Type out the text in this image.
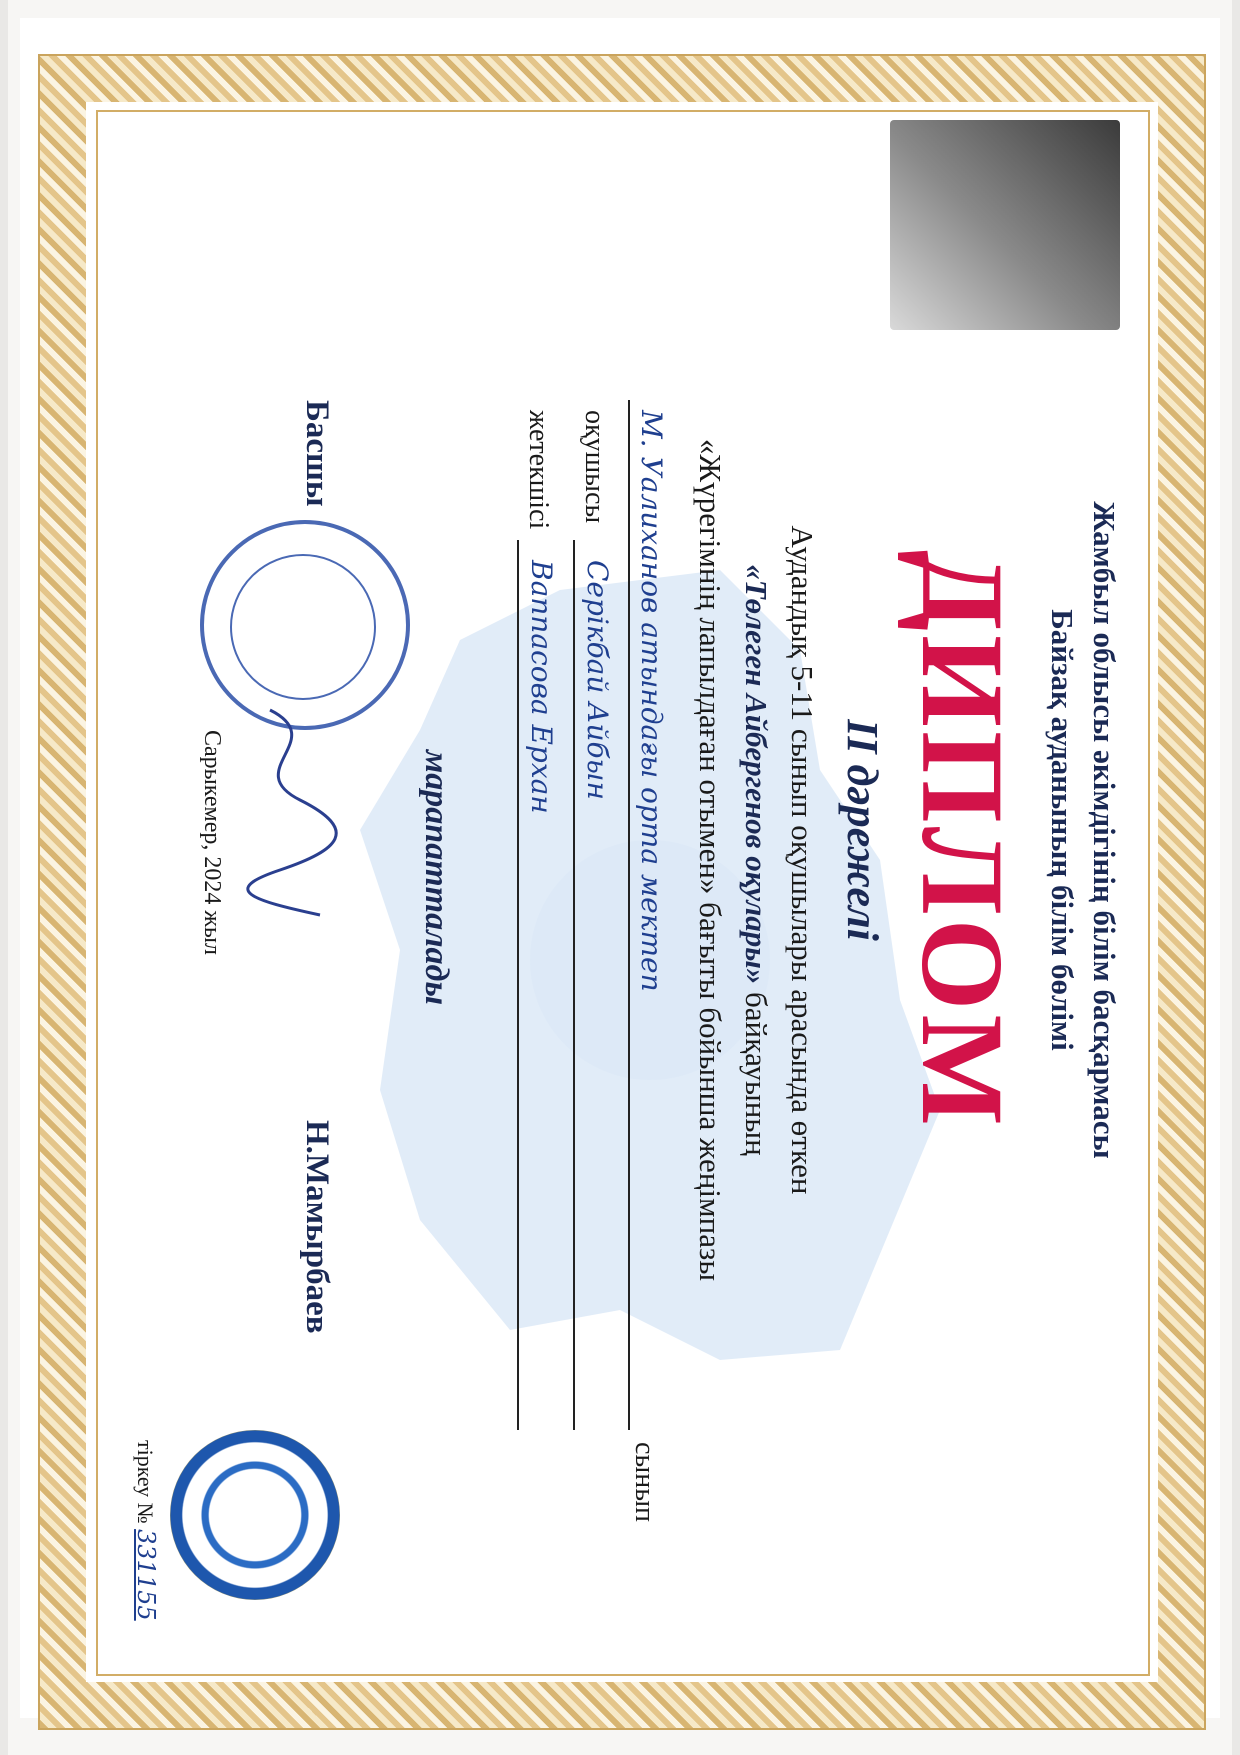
Жамбыл облысы әкімдігінің білім басқармасы
Байзақ ауданының білім бөлімі
ДИПЛОМ
II дәрежелі
Аудандық 5-11 сынып оқушылары арасында өткен
«Төлеген Айбергенов оқулары» байқауының
«Жүрегімнің лапылдаған отымен» бағыты бойынша жеңімпазы
М. Уалиханов атындағы орта мектеп
сынып
оқушысы
Серікбай Айбын
жетекшісі
Ваппасова Ерхан
марапатталады
Басшы
Н.Мамырбаев
Сарыкемер, 2024 жыл
тіркеу № 331155
